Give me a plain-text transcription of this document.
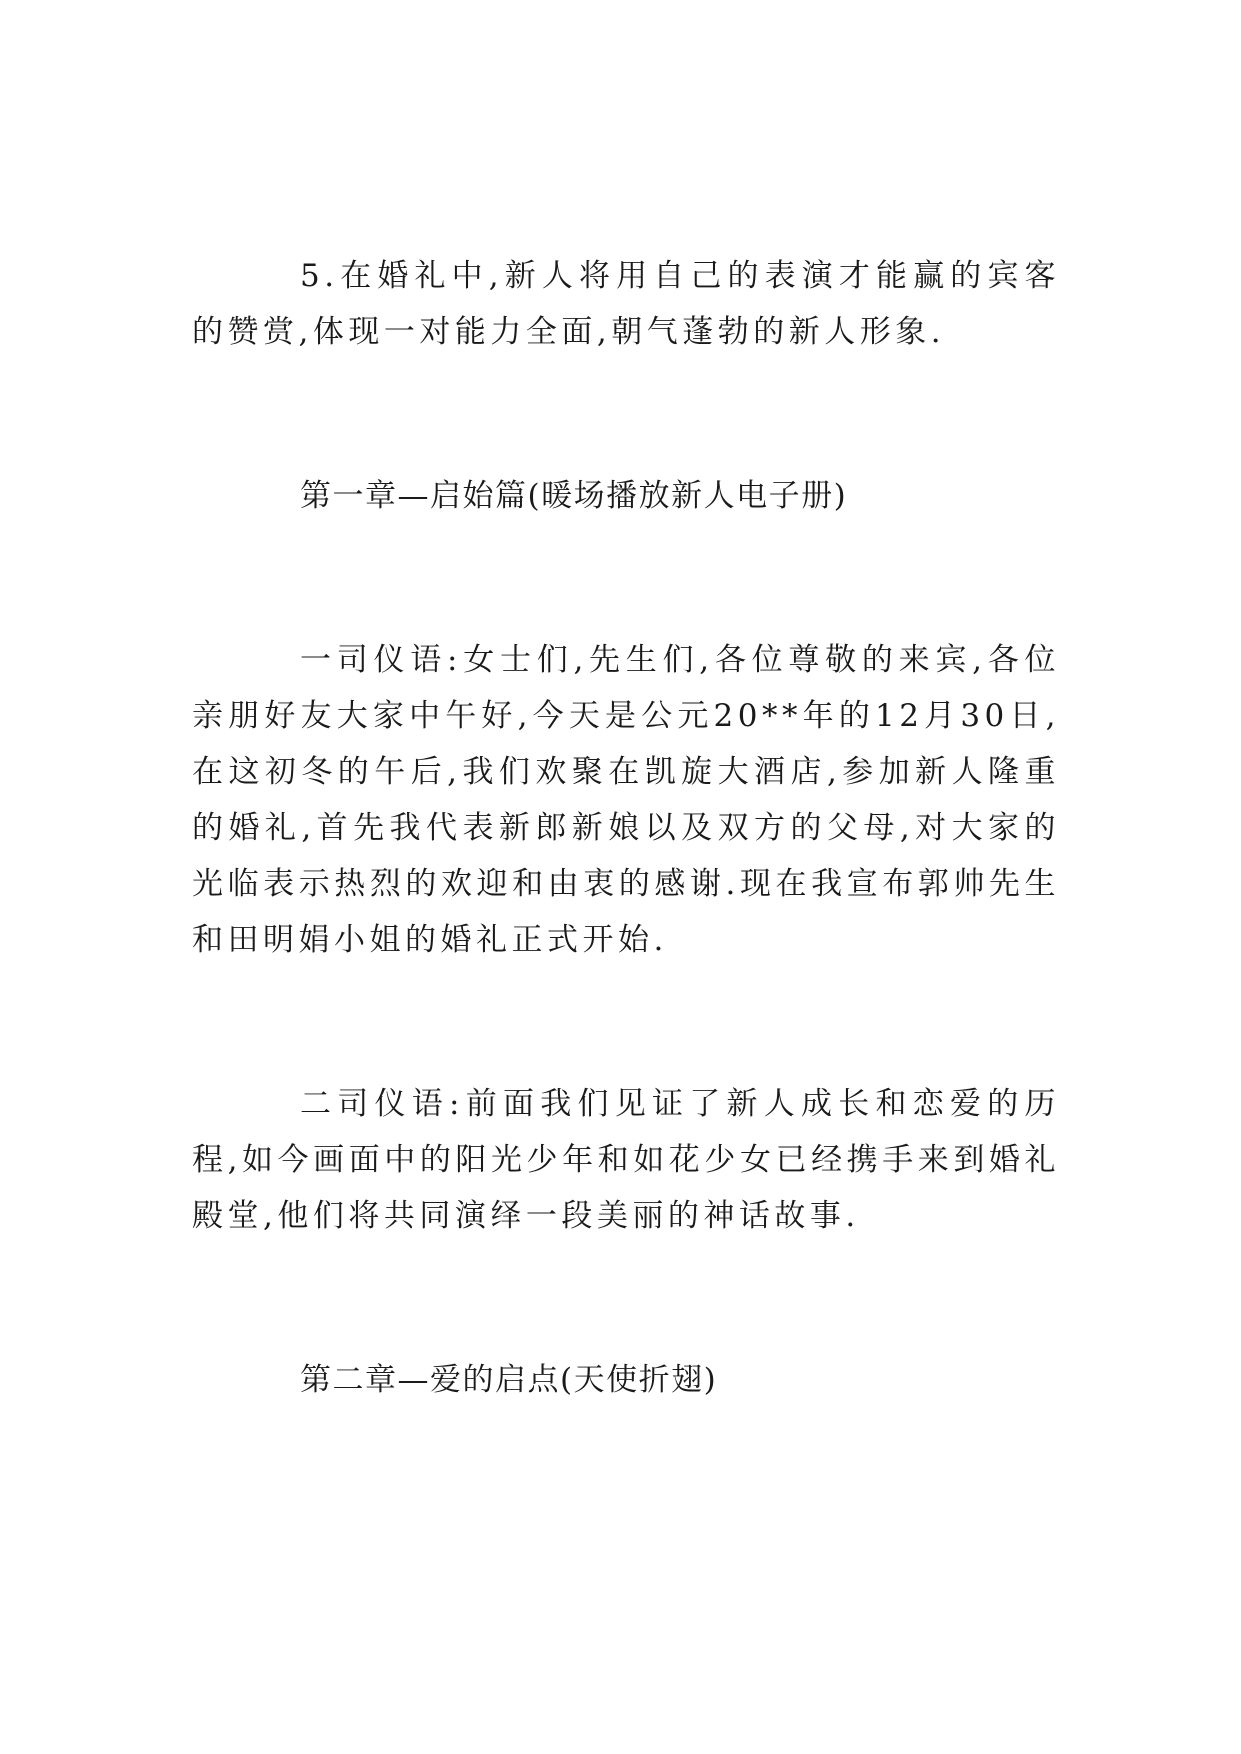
5.在婚礼中,新人将用自己的表演才能赢的宾客的赞赏,体现一对能力全面,朝气蓬勃的新人形象.

第一章—启始篇(暖场播放新人电子册)

一司仪语:女士们,先生们,各位尊敬的来宾,各位亲朋好友大家中午好,今天是公元20**年的12月30日,在这初冬的午后,我们欢聚在凯旋大酒店,参加新人隆重的婚礼,首先我代表新郎新娘以及双方的父母,对大家的光临表示热烈的欢迎和由衷的感谢.现在我宣布郭帅先生和田明娟小姐的婚礼正式开始.

二司仪语:前面我们见证了新人成长和恋爱的历程,如今画面中的阳光少年和如花少女已经携手来到婚礼殿堂,他们将共同演绎一段美丽的神话故事.

第二章—爱的启点(天使折翅)
